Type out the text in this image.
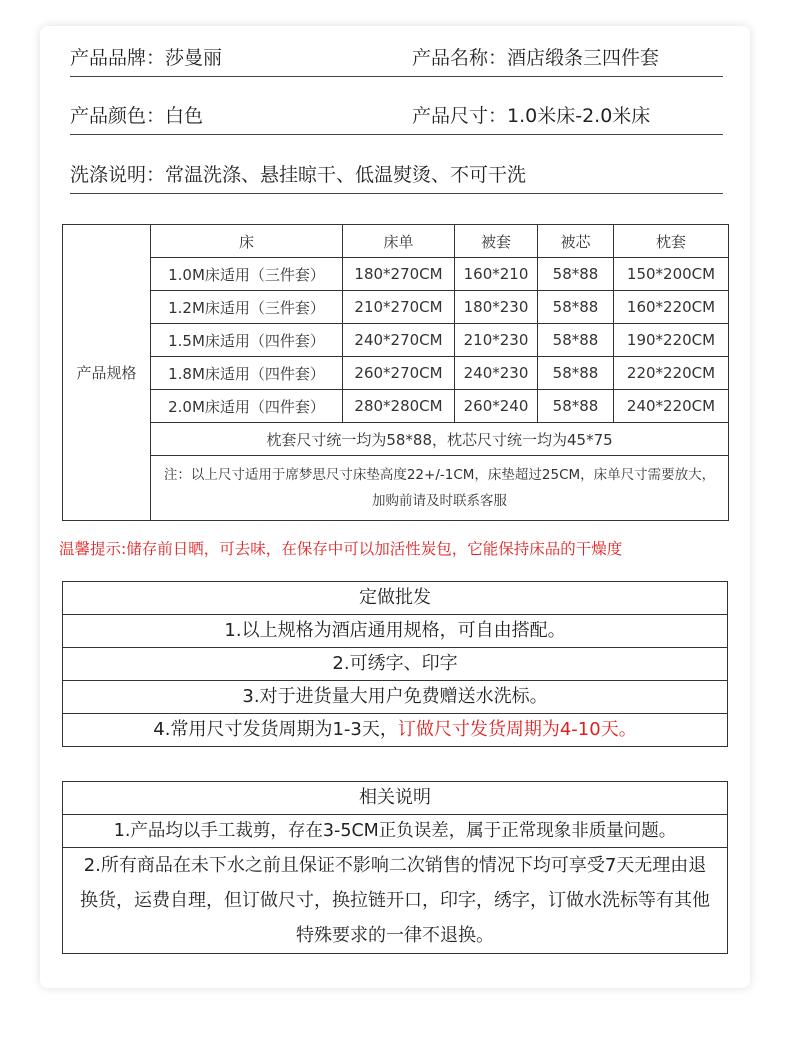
产品品牌：莎曼丽	产品名称：酒店缎条三四件套
产品颜色：白色	产品尺寸：1.0米床-2.0米床
洗涤说明：常温洗涤、悬挂晾干、低温熨烫、不可干洗
产品规格	床	床单	被套	被芯	枕套
	1.0M床适用（三件套）	180*270CM	160*210	58*88	150*200CM
	1.2M床适用（三件套）	210*270CM	180*230	58*88	160*220CM
	1.5M床适用（四件套）	240*270CM	210*230	58*88	190*220CM
	1.8M床适用（四件套）	260*270CM	240*230	58*88	220*220CM
	2.0M床适用（四件套）	280*280CM	260*240	58*88	240*220CM
	枕套尺寸统一均为58*88，枕芯尺寸统一均为45*75				
	注：以上尺寸适用于席梦思尺寸床垫高度22+/-1CM，床垫超过25CM，床单尺寸需要放大，加购前请及时联系客服				
温馨提示:储存前日晒，可去味，在保存中可以加活性炭包，它能保持床品的干燥度
定做批发
1.以上规格为酒店通用规格，可自由搭配。
2.可绣字、印字
3.对于进货量大用户免费赠送水洗标。
4.常用尺寸发货周期为1-3天，订做尺寸发货周期为4-10天。
相关说明
1.产品均以手工裁剪，存在3-5CM正负误差，属于正常现象非质量问题。
2.所有商品在未下水之前且保证不影响二次销售的情况下均可享受7天无理由退换货，运费自理，但订做尺寸，换拉链开口，印字，绣字，订做水洗标等有其他特殊要求的一律不退换。
